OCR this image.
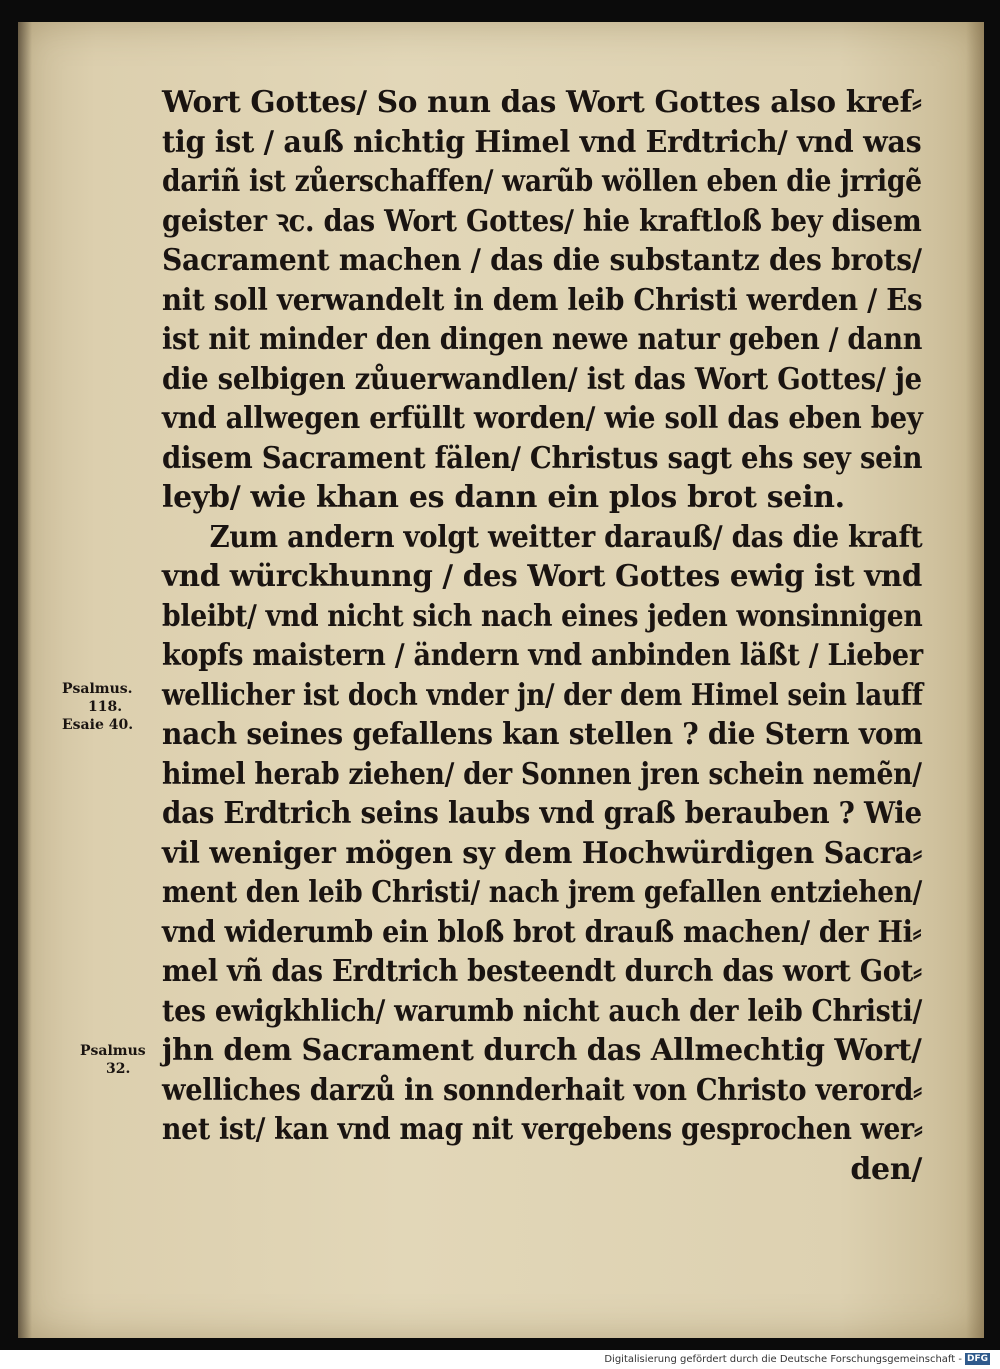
Wort Gottes/ So nun das Wort Gottes also kref⸗
tig ist / auß nichtig Himel vnd Erdtrich/ vnd was
dariñ ist zůerschaffen/ warũb wöllen eben die jrrigẽ
geister ꝛc. das Wort Gottes/ hie kraftloß bey disem
Sacrament machen / das die substantz des brots/
nit soll verwandelt in dem leib Christi werden / Es
ist nit minder den dingen newe natur geben / dann
die selbigen zůuerwandlen/ ist das Wort Gottes/ je
vnd allwegen erfüllt worden/ wie soll das eben bey
disem Sacrament fälen/ Christus sagt ehs sey sein
leyb/ wie khan es dann ein plos brot sein.
Zum andern volgt weitter darauß/ das die kraft
vnd würckhunng / des Wort Gottes ewig ist vnd
bleibt/ vnd nicht sich nach eines jeden wonsinnigen
kopfs maistern / ändern vnd anbinden läßt / Lieber
wellicher ist doch vnder jn/ der dem Himel sein lauff
nach seines gefallens kan stellen ? die Stern vom
himel herab ziehen/ der Sonnen jren schein nemẽn/
das Erdtrich seins laubs vnd graß berauben ? Wie
vil weniger mögen sy dem Hochwürdigen Sacra⸗
ment den leib Christi/ nach jrem gefallen entziehen/
vnd widerumb ein bloß brot drauß machen/ der Hi⸗
mel vñ das Erdtrich besteendt durch das wort Got⸗
tes ewigkhlich/ warumb nicht auch der leib Christi/
jhn dem Sacrament durch das Allmechtig Wort/
welliches darzů in sonnderhait von Christo verord⸗
net ist/ kan vnd mag nit vergebens gesprochen wer⸗
den/
Psalmus.
118.
Esaie 40.
Psalmus
32.
Digitalisierung gefördert durch die Deutsche Forschungsgemeinschaft - DFG
